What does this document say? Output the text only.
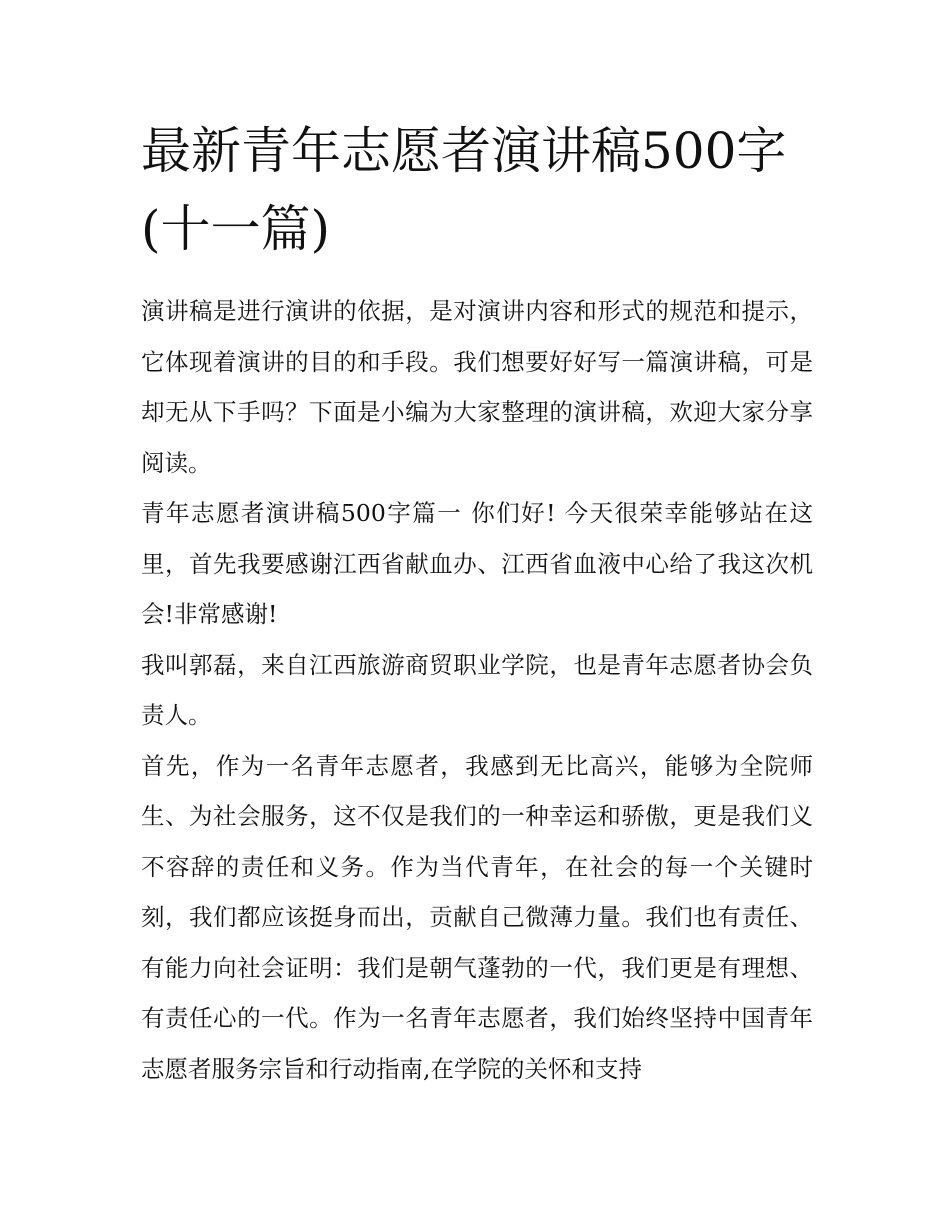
最新青年志愿者演讲稿500字
(十一篇)

演讲稿是进行演讲的依据，是对演讲内容和形式的规范和提示，它体现着演讲的目的和手段。我们想要好好写一篇演讲稿，可是却无从下手吗？下面是小编为大家整理的演讲稿，欢迎大家分享阅读。

青年志愿者演讲稿500字篇一 你们好! 今天很荣幸能够站在这里，首先我要感谢江西省献血办、江西省血液中心给了我这次机会!非常感谢!

我叫郭磊，来自江西旅游商贸职业学院，也是青年志愿者协会负责人。

首先，作为一名青年志愿者，我感到无比高兴，能够为全院师生、为社会服务，这不仅是我们的一种幸运和骄傲，更是我们义不容辞的责任和义务。作为当代青年，在社会的每一个关键时刻，我们都应该挺身而出，贡献自己微薄力量。我们也有责任、有能力向社会证明：我们是朝气蓬勃的一代，我们更是有理想、有责任心的一代。作为一名青年志愿者，我们始终坚持中国青年志愿者服务宗旨和行动指南,在学院的关怀和支持
